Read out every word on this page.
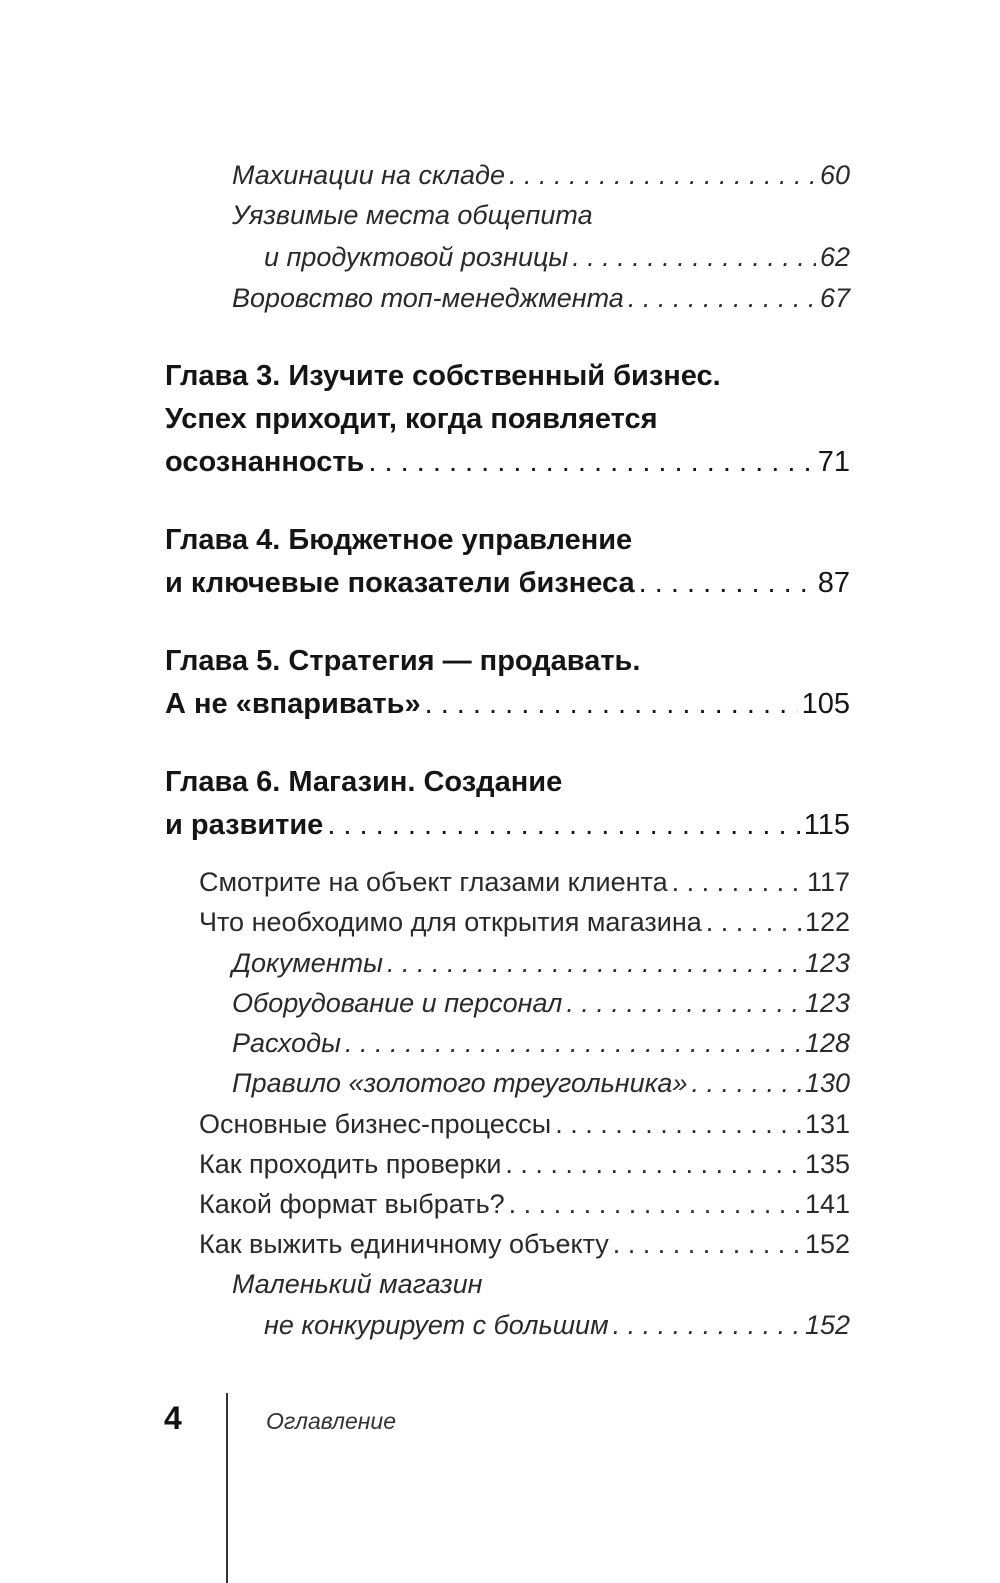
Махинации на складе . . .	60
Уязвимые места общепита
и продуктовой розницы . . .	62
Воровство топ-менеджмента . . .	67
Глава 3. Изучите собственный бизнес.
Успех приходит, когда появляется
осознанность . . .	71
Глава 4. Бюджетное управление
и ключевые показатели бизнеса . . .	87
Глава 5. Стратегия — продавать.
А не «впаривать» . . .	105
Глава 6. Магазин. Создание
и развитие . . .	115
Смотрите на объект глазами клиента . . .	117
Что необходимо для открытия магазина . . .	122
Документы . . .	123
Оборудование и персонал . . .	123
Расходы . . .	128
Правило «золотого треугольника» . . .	130
Основные бизнес-процессы . . .	131
Как проходить проверки . . .	135
Какой формат выбрать? . . .	141
Как выжить единичному объекту . . .	152
Маленький магазин
не конкурирует с большим . . .	152
4	Оглавление
